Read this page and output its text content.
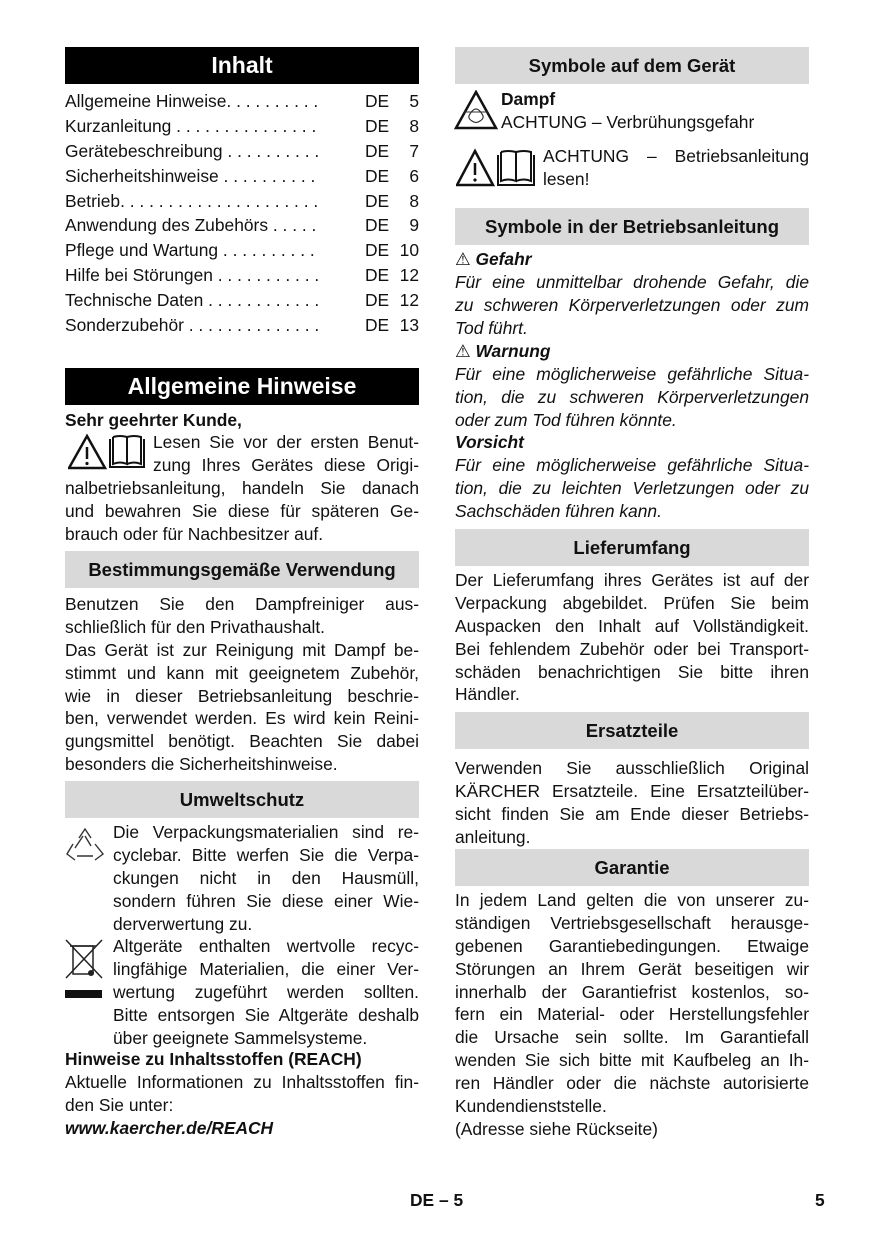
Inhalt
Allgemeine Hinweise. . . . . . . . . .	DE	5
Kurzanleitung . . . . . . . . . . . . . . .	DE	8
Gerätebeschreibung . . . . . . . . . .	DE	7
Sicherheitshinweise . . . . . . . . . .	DE	6
Betrieb. . . . . . . . . . . . . . . . . . . . .	DE	8
Anwendung des Zubehörs . . . . .	DE	9
Pflege und Wartung . . . . . . . . . .	DE 10
Hilfe bei Störungen . . . . . . . . . . .	DE 12
Technische Daten . . . . . . . . . . . .	DE 12
Sonderzubehör . . . . . . . . . . . . . .	DE 13
Allgemeine Hinweise
Sehr geehrter Kunde,
Lesen Sie vor der ersten Benut-
zung Ihres Gerätes diese Origi-
nalbetriebsanleitung, handeln Sie danach
und bewahren Sie diese für späteren Ge-
brauch oder für Nachbesitzer auf.
Bestimmungsgemäße Verwendung
Benutzen Sie den Dampfreiniger aus-
schließlich für den Privathaushalt.
Das Gerät ist zur Reinigung mit Dampf be-
stimmt und kann mit geeignetem Zubehör,
wie in dieser Betriebsanleitung beschrie-
ben, verwendet werden. Es wird kein Reini-
gungsmittel benötigt. Beachten Sie dabei
besonders die Sicherheitshinweise.
Umweltschutz
Die Verpackungsmaterialien sind re-
cyclebar. Bitte werfen Sie die Verpa-
ckungen nicht in den Hausmüll,
sondern führen Sie diese einer Wie-
derverwertung zu.
Altgeräte enthalten wertvolle recyc-
lingfähige Materialien, die einer Ver-
wertung zugeführt werden sollten.
Bitte entsorgen Sie Altgeräte deshalb
über geeignete Sammelsysteme.
Hinweise zu Inhaltsstoffen (REACH)
Aktuelle Informationen zu Inhaltsstoffen fin-
den Sie unter:
www.kaercher.de/REACH
Symbole auf dem Gerät
Dampf
ACHTUNG – Verbrühungsgefahr
ACHTUNG – Betriebsanleitung
lesen!
Symbole in der Betriebsanleitung
⚠ Gefahr
Für eine unmittelbar drohende Gefahr, die
zu schweren Körperverletzungen oder zum
Tod führt.
⚠ Warnung
Für eine möglicherweise gefährliche Situa-
tion, die zu schweren Körperverletzungen
oder zum Tod führen könnte.
Vorsicht
Für eine möglicherweise gefährliche Situa-
tion, die zu leichten Verletzungen oder zu
Sachschäden führen kann.
Lieferumfang
Der Lieferumfang ihres Gerätes ist auf der
Verpackung abgebildet. Prüfen Sie beim
Auspacken den Inhalt auf Vollständigkeit.
Bei fehlendem Zubehör oder bei Transport-
schäden benachrichtigen Sie bitte ihren
Händler.
Ersatzteile
Verwenden Sie ausschließlich Original
KÄRCHER Ersatzteile. Eine Ersatzteilüber-
sicht finden Sie am Ende dieser Betriebs-
anleitung.
Garantie
In jedem Land gelten die von unserer zu-
ständigen Vertriebsgesellschaft herausge-
gebenen Garantiebedingungen. Etwaige
Störungen an Ihrem Gerät beseitigen wir
innerhalb der Garantiefrist kostenlos, so-
fern ein Material- oder Herstellungsfehler
die Ursache sein sollte. Im Garantiefall
wenden Sie sich bitte mit Kaufbeleg an Ih-
ren Händler oder die nächste autorisierte
Kundendienststelle.
(Adresse siehe Rückseite)
DE – 5	5
